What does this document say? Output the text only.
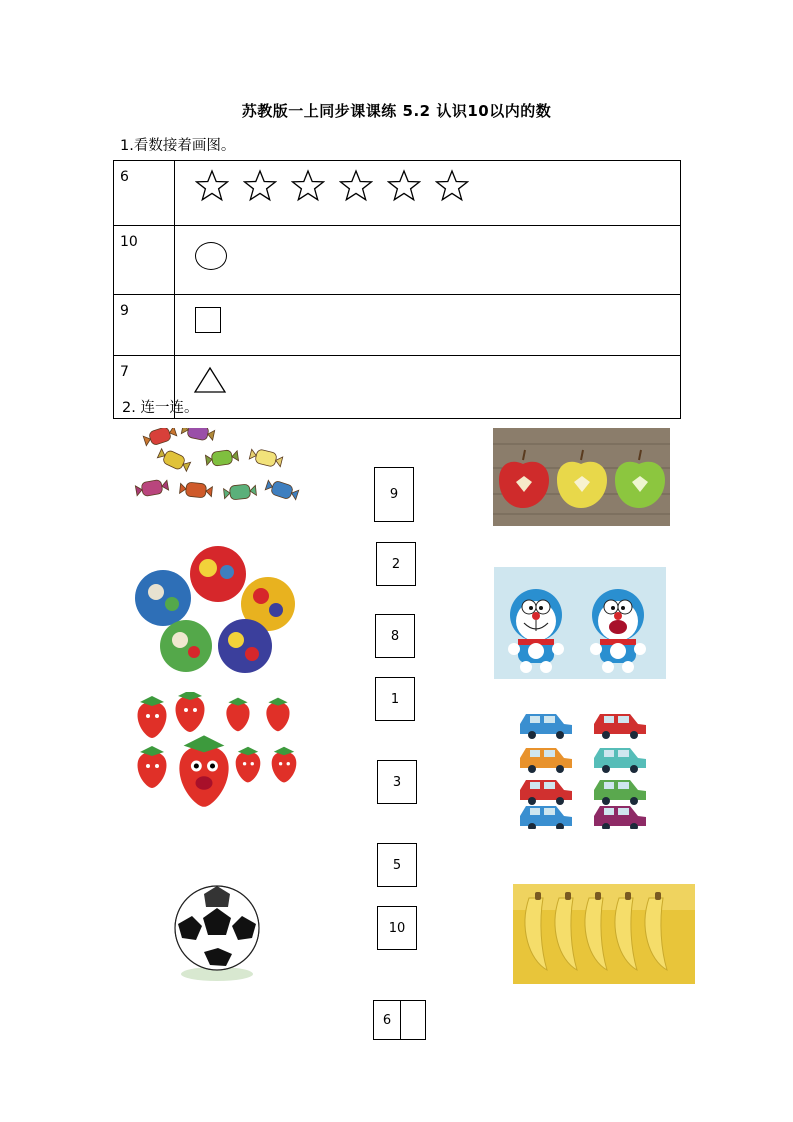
苏教版一上同步课课练 5.2 认识10以内的数
1.看数接着画图。
6	

10	

9	

7	
2. 连一连。
9
2
8
1
3
5
10
6
